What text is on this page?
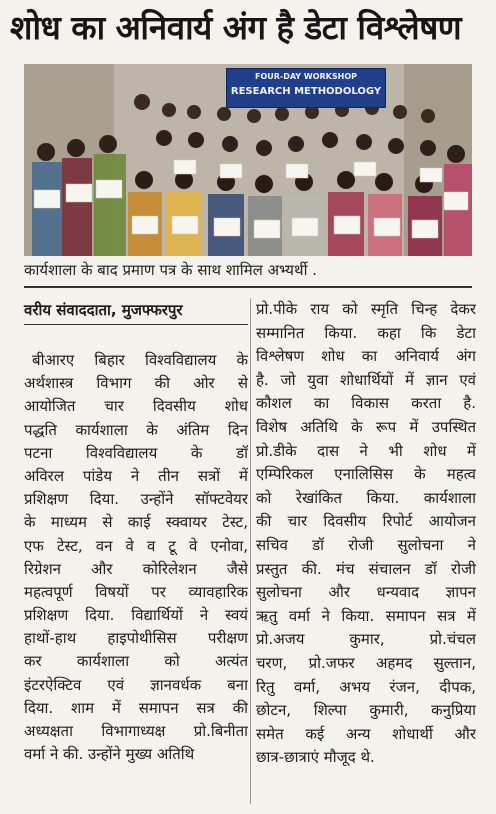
शोध का अनिवार्य अंग है डेटा विश्लेषण
FOUR-DAY WORKSHOP
RESEARCH METHODOLOGY
कार्यशाला के बाद प्रमाण पत्र के साथ शामिल अभ्यर्थी .
वरीय संवाददाता, मुजफ्फरपुर
बीआरए बिहार विश्वविद्यालय के
अर्थशास्त्र विभाग की ओर से
आयोजित चार दिवसीय शोध
पद्धति कार्यशाला के अंतिम दिन
पटना विश्वविद्यालय के डॉ
अविरल पांडेय ने तीन सत्रों में
प्रशिक्षण दिया. उन्होंने सॉफ्टवेयर
के माध्यम से काई स्क्वायर टेस्ट,
एफ टेस्ट, वन वे व टू वे एनोवा,
रिग्रेशन और कोरिलेशन जैसे
महत्वपूर्ण विषयों पर व्यावहारिक
प्रशिक्षण दिया. विद्यार्थियों ने स्वयं
हाथों-हाथ हाइपोथीसिस परीक्षण
कर कार्यशाला को अत्यंत
इंटरऐक्टिव एवं ज्ञानवर्धक बना
दिया. शाम में समापन सत्र की
अध्यक्षता विभागाध्यक्ष प्रो.बिनीता
वर्मा ने की. उन्होंने मुख्य अतिथि
प्रो.पीके राय को स्मृति चिन्ह देकर
सम्मानित किया. कहा कि डेटा
विश्लेषण शोध का अनिवार्य अंग
है. जो युवा शोधार्थियों में ज्ञान एवं
कौशल का विकास करता है.
विशेष अतिथि के रूप में उपस्थित
प्रो.डीके दास ने भी शोध में
एम्पिरिकल एनालिसिस के महत्व
को रेखांकित किया. कार्यशाला
की चार दिवसीय रिपोर्ट आयोजन
सचिव डॉ रोजी सुलोचना ने
प्रस्तुत की. मंच संचालन डॉ रोजी
सुलोचना और धन्यवाद ज्ञापन
ऋतु वर्मा ने किया. समापन सत्र में
प्रो.अजय कुमार, प्रो.चंचल
चरण, प्रो.जफर अहमद सुल्तान,
रितु वर्मा, अभय रंजन, दीपक,
छोटन, शिल्पा कुमारी, कनुप्रिया
समेत कई अन्य शोधार्थी और
छात्र-छात्राएं मौजूद थे.
